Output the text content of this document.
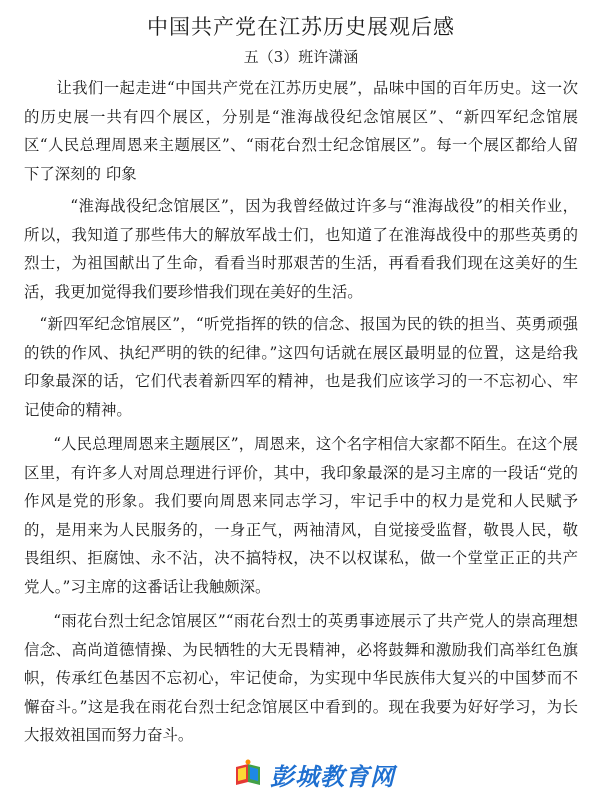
中国共产党在江苏历史展观后感
五（3）班许潇涵

让我们一起走进“中国共产党在江苏历史展”，品味中国的百年历史。这一次的历史展一共有四个展区，分别是“淮海战役纪念馆展区”、“新四军纪念馆展区“人民总理周恩来主题展区”、“雨花台烈士纪念馆展区”。每一个展区都给人留下了深刻的 印象

“淮海战役纪念馆展区”，因为我曾经做过许多与“淮海战役”的相关作业，所以，我知道了那些伟大的解放军战士们，也知道了在淮海战役中的那些英勇的烈士，为祖国献出了生命，看看当时那艰苦的生活，再看看我们现在这美好的生活，我更加觉得我们要珍惜我们现在美好的生活。

“新四军纪念馆展区”，“听党指挥的铁的信念、报国为民的铁的担当、英勇顽强的铁的作风、执纪严明的铁的纪律。”这四句话就在展区最明显的位置，这是给我印象最深的话，它们代表着新四军的精神，也是我们应该学习的一不忘初心、牢记使命的精神。

“人民总理周恩来主题展区”，周恩来，这个名字相信大家都不陌生。在这个展区里，有许多人对周总理进行评价，其中，我印象最深的是习主席的一段话“党的作风是党的形象。我们要向周恩来同志学习，牢记手中的权力是党和人民赋予的，是用来为人民服务的，一身正气，两袖清风，自觉接受监督，敬畏人民，敬畏组织、拒腐蚀、永不沾，决不搞特权，决不以权谋私，做一个堂堂正正的共产党人。”习主席的这番话让我触颇深。

“雨花台烈士纪念馆展区”“雨花台烈士的英勇事迹展示了共产党人的崇高理想信念、高尚道德情操、为民牺牲的大无畏精神，必将鼓舞和激励我们高举红色旗帜，传承红色基因不忘初心，牢记使命，为实现中华民族伟大复兴的中国梦而不懈奋斗。”这是我在雨花台烈士纪念馆展区中看到的。现在我要为好好学习，为长大报效祖国而努力奋斗。

彭城教育网
